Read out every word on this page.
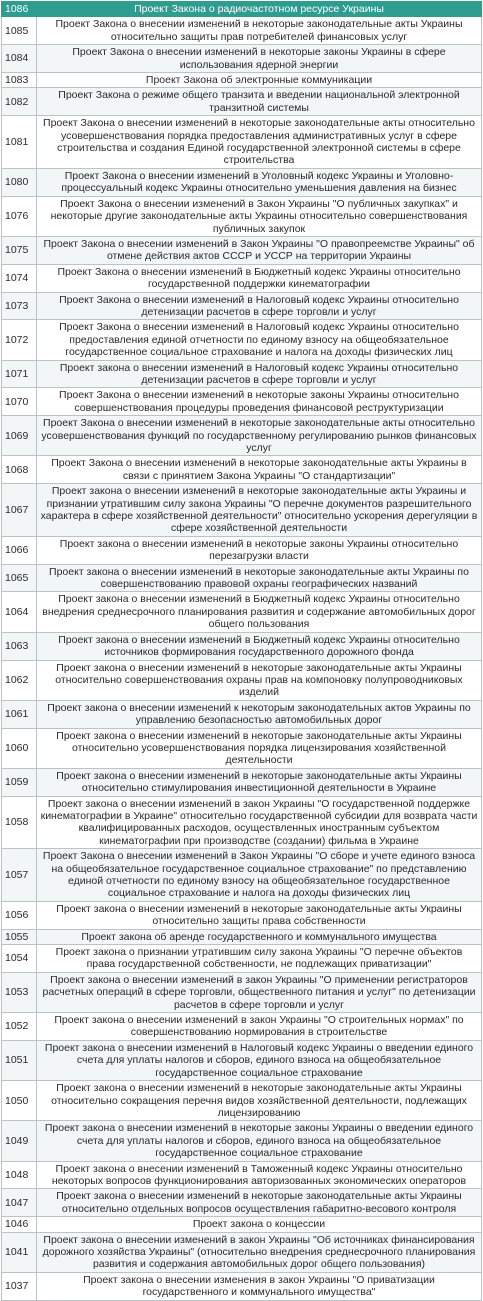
1086	Проект Закона о радиочастотном ресурсе Украины
1085	Проект Закона о внесении изменений в некоторые законодательные акты Украины относительно защиты прав потребителей финансовых услуг
1084	Проект Закона о внесении изменений в некоторые законы Украины в сфере использования ядерной энергии
1083	Проект Закона об электронные коммуникации
1082	Проект Закона о режиме общего транзита и введении национальной электронной транзитной системы
1081	Проект Закона о внесении изменений в некоторые законодательные акты относительно усовершенствования порядка предоставления административных услуг в сфере строительства и создания Единой государственной электронной системы в сфере строительства
1080	Проект Закона о внесении изменений в Уголовный кодекс Украины и Уголовно-процессуальный кодекс Украины относительно уменьшения давления на бизнес
1076	Проект Закона о внесении изменений в Закон Украины "О публичных закупках" и некоторые другие законодательные акты Украины относительно совершенствования публичных закупок
1075	Проект Закона о внесении изменений в Закон Украины "О правопреемстве Украины" об отмене действия актов СССР и УССР на территории Украины
1074	Проект Закона о внесении изменений в Бюджетный кодекс Украины относительно государственной поддержки кинематографии
1073	Проект Закона о внесении изменений в Налоговый кодекс Украины относительно детенизации расчетов в сфере торговли и услуг
1072	Проект Закона о внесении изменений в Налоговый кодекс Украины относительно предоставления единой отчетности по единому взносу на общеобязательное государственное социальное страхование и налога на доходы физических лиц
1071	Проект закона о внесении изменений в Налоговый кодекс Украины относительно детенизации расчетов в сфере торговли и услуг
1070	Проект Закона о внесении изменений в некоторые законы Украины относительно совершенствования процедуры проведения финансовой реструктуризации
1069	Проект Закона о внесении изменений в некоторые законодательные акты относительно усовершенствования функций по государственному регулированию рынков финансовых услуг
1068	Проект Закона о внесении изменений в некоторые законодательные акты Украины в связи с принятием Закона Украины "О стандартизации"
1067	Проект закона о внесении изменений в некоторые законодательные акты Украины и признании утратившим силу закона Украины "О перечне документов разрешительного характера в сфере хозяйственной деятельности" относительно ускорения дерегуляции в сфере хозяйственной деятельности
1066	Проект закона о внесении изменений в некоторые законы Украины относительно перезагрузки власти
1065	Проект закона о внесении изменений в некоторые законодательные акты Украины по совершенствованию правовой охраны географических названий
1064	Проект закона о внесении изменений в Бюджетный кодекс Украины относительно внедрения среднесрочного планирования развития и содержание автомобильных дорог общего пользования
1063	Проект закона о внесении изменений в Бюджетный кодекс Украины относительно источников формирования государственного дорожного фонда
1062	Проект закона о внесении изменений в некоторые законодательные акты Украины относительно совершенствования охраны прав на компоновку полупроводниковых изделий
1061	Проект закона о внесении изменений к некоторым законодательных актов Украины по управлению безопасностью автомобильных дорог
1060	Проект закона о внесении изменений в некоторые законодательные акты Украины относительно усовершенствования порядка лицензирования хозяйственной деятельности
1059	Проект закона о внесении изменений в некоторые законодательные акты Украины относительно стимулирования инвестиционной деятельности в Украине
1058	Проект закона о внесении изменений в закон Украины "О государственной поддержке кинематографии в Украине" относительно государственной субсидии для возврата части квалифицированных расходов, осуществленных иностранным субъектом кинематографии при производстве (создании) фильма в Украине
1057	Проект Закона о внесении изменений в Закон Украины "О сборе и учете единого взноса на общеобязательное государственное социальное страхование" по представлению единой отчетности по единому взносу на общеобязательное государственное социальное страхование и налога на доходы физических лиц
1056	Проект закона о внесении изменений в некоторые законодательные акты Украины относительно защиты права собственности
1055	Проект закона об аренде государственного и коммунального имущества
1054	Проект закона о признании утратившим силу закона Украины "О перечне объектов права государственной собственности, не подлежащих приватизации"
1053	Проект закона о внесении изменений в закон Украины "О применении регистраторов расчетных операций в сфере торговли, общественного питания и услуг" по детенизации расчетов в сфере торговли и услуг
1052	Проект закона о внесении изменений в закон Украины "О строительных нормах" по совершенствованию нормирования в строительстве
1051	Проект закона о внесении изменений в Налоговый кодекс Украины о введении единого счета для уплаты налогов и сборов, единого взноса на общеобязательное государственное социальное страхование
1050	Проект закона о внесении изменений в некоторые законодательные акты Украины относительно сокращения перечня видов хозяйственной деятельности, подлежащих лицензированию
1049	Проект закона о внесении изменений в некоторые законы Украины о введении единого счета для уплаты налогов и сборов, единого взноса на общеобязательное государственное социальное страхование
1048	Проект закона о внесении изменений в Таможенный кодекс Украины относительно некоторых вопросов функционирования авторизованных экономических операторов
1047	Проект закона о внесении изменений в некоторые законодательные акты Украины относительно отдельных вопросов осуществления габаритно-весового контроля
1046	Проект закона о концессии
1041	Проект закона о внесении изменений в закон Украины "Об источниках финансирования дорожного хозяйства Украины" (относительно внедрения среднесрочного планирования развития и содержания автомобильных дорог общего пользования)
1037	Проект закона о внесении изменения в закон Украины "О приватизации государственного и коммунального имущества"
